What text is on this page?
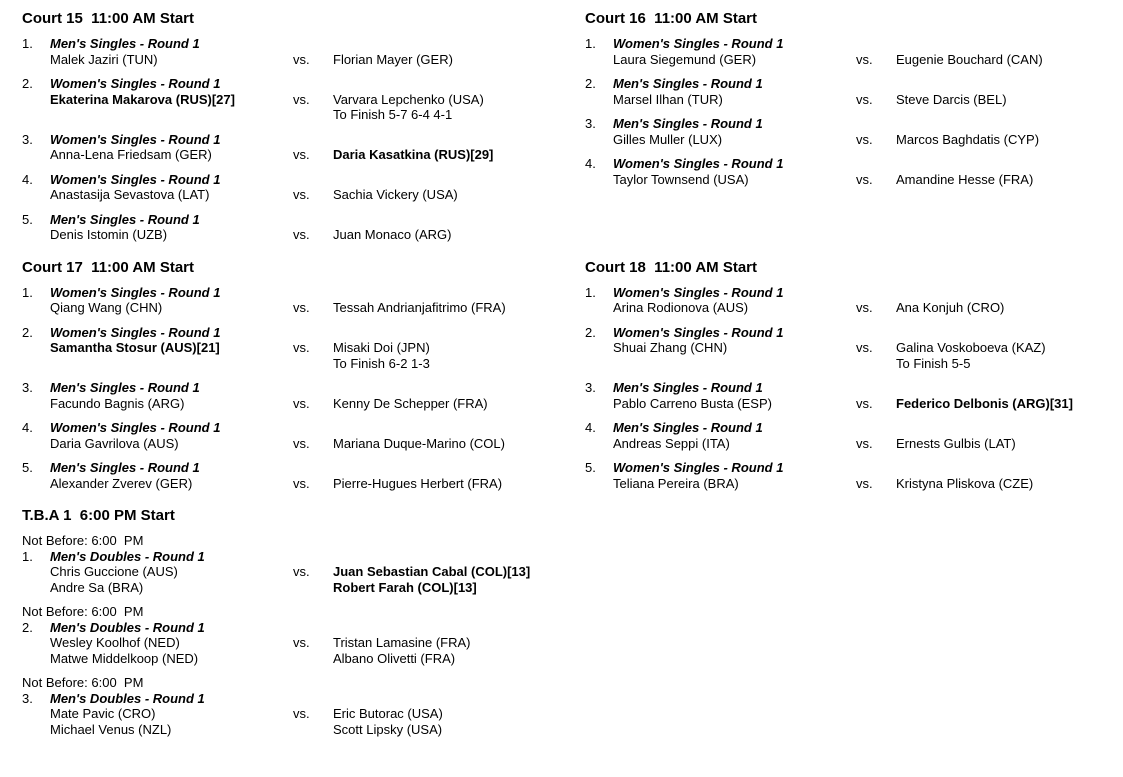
Court 15  11:00 AM Start
1.	Men's Singles - Round 1
Malek Jaziri (TUN)	vs.	Florian Mayer (GER)
2.	Women's Singles - Round 1
Ekaterina Makarova (RUS)[27]	vs.	Varvara Lepchenko (USA)
To Finish 5-7 6-4 4-1
3.	Women's Singles - Round 1
Anna-Lena Friedsam (GER)	vs.	Daria Kasatkina (RUS)[29]
4.	Women's Singles - Round 1
Anastasija Sevastova (LAT)	vs.	Sachia Vickery (USA)
5.	Men's Singles - Round 1
Denis Istomin (UZB)	vs.	Juan Monaco (ARG)
Court 16  11:00 AM Start
1.	Women's Singles - Round 1
Laura Siegemund (GER)	vs.	Eugenie Bouchard (CAN)
2.	Men's Singles - Round 1
Marsel Ilhan (TUR)	vs.	Steve Darcis (BEL)
3.	Men's Singles - Round 1
Gilles Muller (LUX)	vs.	Marcos Baghdatis (CYP)
4.	Women's Singles - Round 1
Taylor Townsend (USA)	vs.	Amandine Hesse (FRA)
Court 17  11:00 AM Start
1.	Women's Singles - Round 1
Qiang Wang (CHN)	vs.	Tessah Andrianjafitrimo (FRA)
2.	Women's Singles - Round 1
Samantha Stosur (AUS)[21]	vs.	Misaki Doi (JPN)
To Finish 6-2 1-3
3.	Men's Singles - Round 1
Facundo Bagnis (ARG)	vs.	Kenny De Schepper (FRA)
4.	Women's Singles - Round 1
Daria Gavrilova (AUS)	vs.	Mariana Duque-Marino (COL)
5.	Men's Singles - Round 1
Alexander Zverev (GER)	vs.	Pierre-Hugues Herbert (FRA)
Court 18  11:00 AM Start
1.	Women's Singles - Round 1
Arina Rodionova (AUS)	vs.	Ana Konjuh (CRO)
2.	Women's Singles - Round 1
Shuai Zhang (CHN)	vs.	Galina Voskoboeva (KAZ)
To Finish 5-5
3.	Men's Singles - Round 1
Pablo Carreno Busta (ESP)	vs.	Federico Delbonis (ARG)[31]
4.	Men's Singles - Round 1
Andreas Seppi (ITA)	vs.	Ernests Gulbis (LAT)
5.	Women's Singles - Round 1
Teliana Pereira (BRA)	vs.	Kristyna Pliskova (CZE)
T.B.A 1  6:00 PM Start
Not Before: 6:00  PM
1.	Men's Doubles - Round 1
Chris Guccione (AUS)	vs.	Juan Sebastian Cabal (COL)[13]
Andre Sa (BRA)	Robert Farah (COL)[13]
Not Before: 6:00  PM
2.	Men's Doubles - Round 1
Wesley Koolhof (NED)	vs.	Tristan Lamasine (FRA)
Matwe Middelkoop (NED)	Albano Olivetti (FRA)
Not Before: 6:00  PM
3.	Men's Doubles - Round 1
Mate Pavic (CRO)	vs.	Eric Butorac (USA)
Michael Venus (NZL)	Scott Lipsky (USA)
